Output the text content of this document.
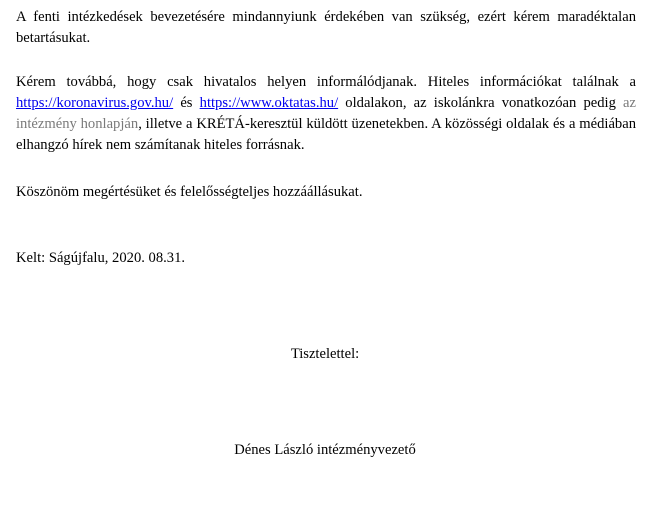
A fenti intézkedések bevezetésére mindannyiunk érdekében van szükség, ezért kérem maradéktalan betartásukat.

Kérem továbbá, hogy csak hivatalos helyen informálódjanak. Hiteles információkat találnak a https://koronavirus.gov.hu/ és https://www.oktatas.hu/ oldalakon, az iskolánkra vonatkozóan pedig az intézmény honlapján, illetve a KRÉTÁ-keresztül küldött üzenetekben. A közösségi oldalak és a médiában elhangzó hírek nem számítanak hiteles forrásnak.

Köszönöm megértésüket és felelősségteljes hozzáállásukat.

Kelt: Ságújfalu, 2020. 08.31.

Tisztelettel:
Dénes László intézményvezető
